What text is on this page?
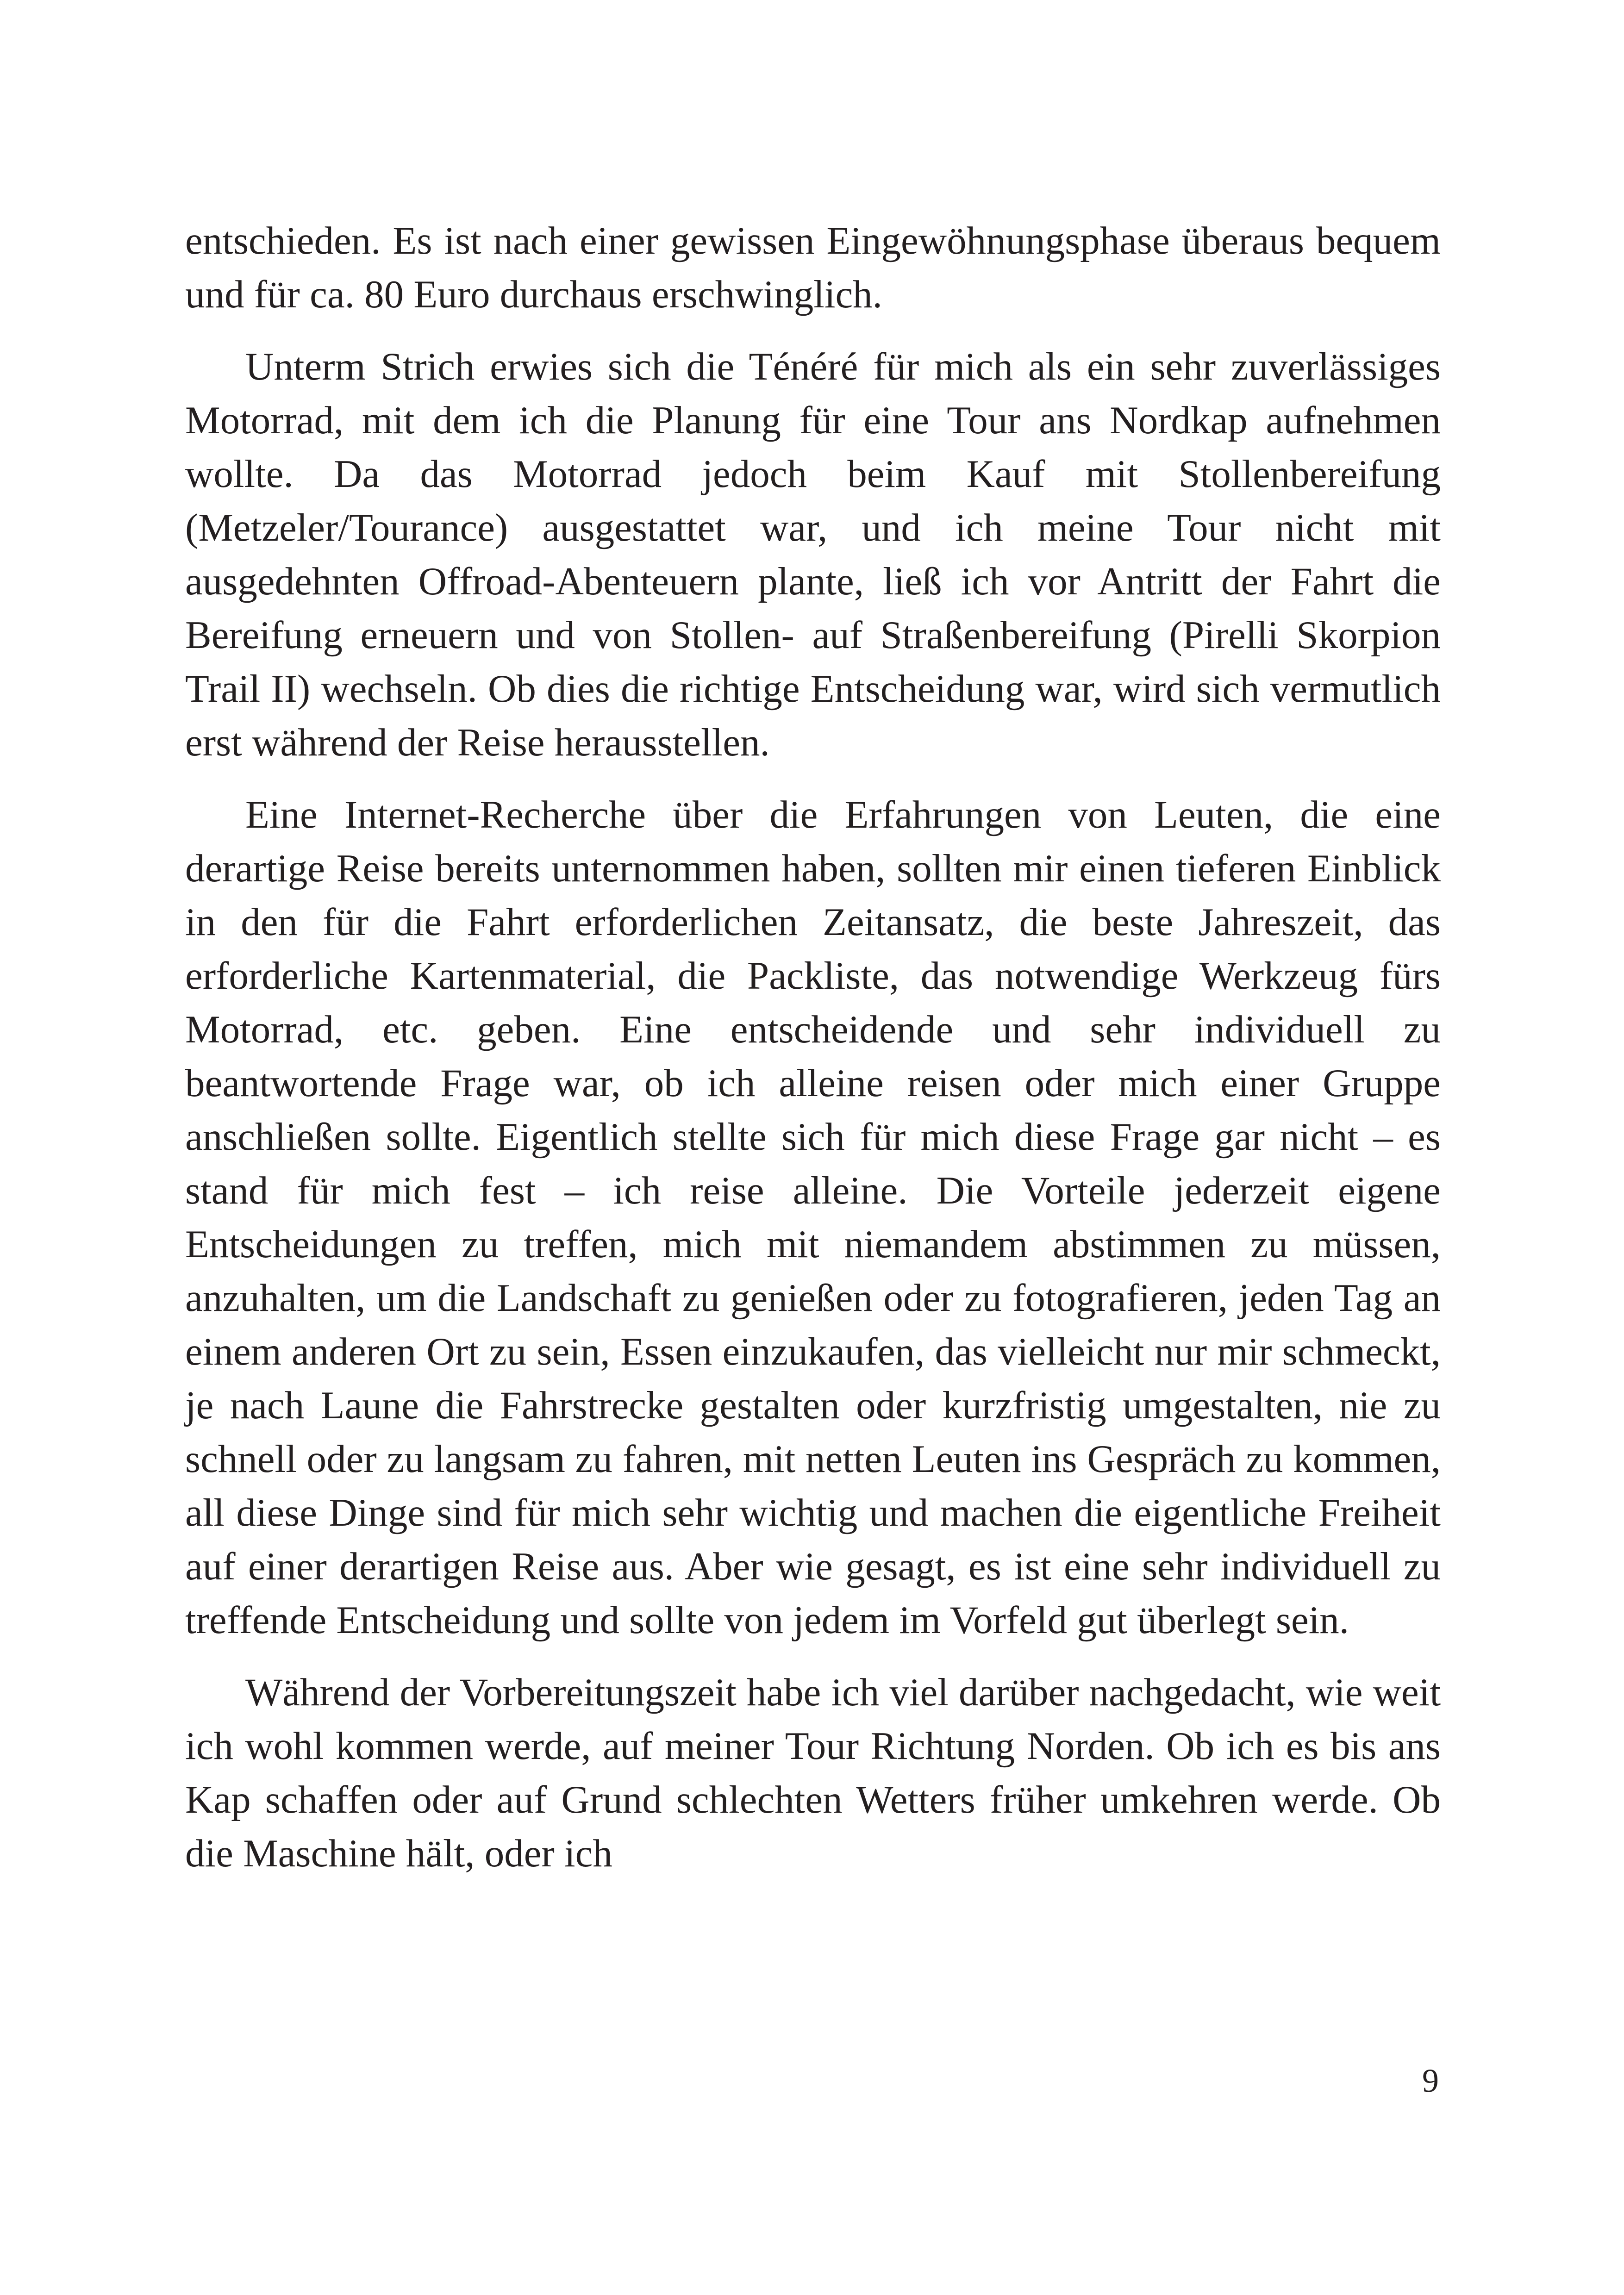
entschieden. Es ist nach einer gewissen Eingewöhnungsphase überaus bequem und für ca. 80 Euro durchaus erschwinglich.

Unterm Strich erwies sich die Ténéré für mich als ein sehr zuverlässiges Motorrad, mit dem ich die Planung für eine Tour ans Nordkap aufnehmen wollte. Da das Motorrad jedoch beim Kauf mit Stollenbereifung (Metzeler/Tourance) ausgestattet war, und ich meine Tour nicht mit ausgedehnten Offroad-Abenteuern plante, ließ ich vor Antritt der Fahrt die Bereifung erneuern und von Stollen- auf Straßenbereifung (Pirelli Skorpion Trail II) wechseln. Ob dies die richtige Entscheidung war, wird sich vermutlich erst während der Reise herausstellen.

Eine Internet-Recherche über die Erfahrungen von Leuten, die eine derartige Reise bereits unternommen haben, sollten mir einen tieferen Einblick in den für die Fahrt erforderlichen Zeitansatz, die beste Jahreszeit, das erforderliche Kartenmaterial, die Packliste, das notwendige Werkzeug fürs Motorrad, etc. geben. Eine entscheidende und sehr individuell zu beantwortende Frage war, ob ich alleine reisen oder mich einer Gruppe anschließen sollte. Eigentlich stellte sich für mich diese Frage gar nicht – es stand für mich fest – ich reise alleine. Die Vorteile jederzeit eigene Entscheidungen zu treffen, mich mit niemandem abstimmen zu müssen, anzuhalten, um die Landschaft zu genießen oder zu fotografieren, jeden Tag an einem anderen Ort zu sein, Essen einzukaufen, das vielleicht nur mir schmeckt, je nach Laune die Fahrstrecke gestalten oder kurzfristig umgestalten, nie zu schnell oder zu langsam zu fahren, mit netten Leuten ins Gespräch zu kommen, all diese Dinge sind für mich sehr wichtig und machen die eigentliche Freiheit auf einer derartigen Reise aus. Aber wie gesagt, es ist eine sehr individuell zu treffende Entscheidung und sollte von jedem im Vorfeld gut überlegt sein.

Während der Vorbereitungszeit habe ich viel darüber nachgedacht, wie weit ich wohl kommen werde, auf meiner Tour Richtung Norden. Ob ich es bis ans Kap schaffen oder auf Grund schlechten Wetters früher umkehren werde. Ob die Maschine hält, oder ich

9
